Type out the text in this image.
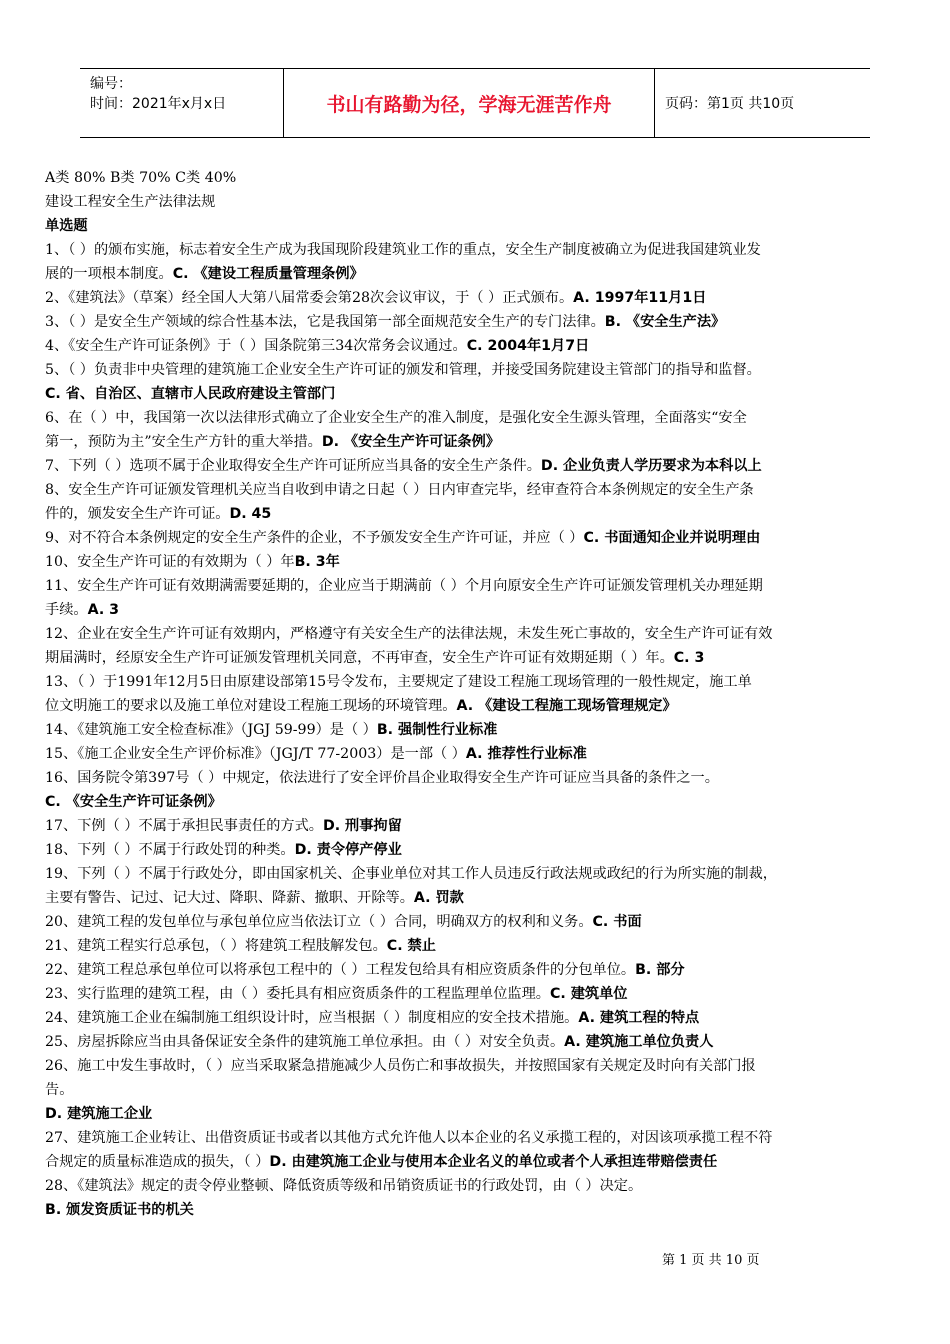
编号：
时间：2021年x月x日	书山有路勤为径，学海无涯苦作舟	页码：第1页 共10页
A类 80% B类 70% C类 40%
建设工程安全生产法律法规
单选题
1、（ ）的颁布实施，标志着安全生产成为我国现阶段建筑业工作的重点，安全生产制度被确立为促进我国建筑业发
展的一项根本制度。C. 《建设工程质量管理条例》
2、《建筑法》（草案）经全国人大第八届常委会第28次会议审议，于（ ）正式颁布。A. 1997年11月1日
3、（ ）是安全生产领域的综合性基本法，它是我国第一部全面规范安全生产的专门法律。B. 《安全生产法》
4、《安全生产许可证条例》于（ ）国条院第三34次常务会议通过。C. 2004年1月7日
5、（ ）负责非中央管理的建筑施工企业安全生产许可证的颁发和管理，并接受国务院建设主管部门的指导和监督。
C. 省、自治区、直辖市人民政府建设主管部门
6、在（ ）中，我国第一次以法律形式确立了企业安全生产的准入制度，是强化安全生源头管理，全面落实“安全
第一，预防为主”安全生产方针的重大举措。D. 《安全生产许可证条例》
7、下列（ ）选项不属于企业取得安全生产许可证所应当具备的安全生产条件。D. 企业负责人学历要求为本科以上
8、安全生产许可证颁发管理机关应当自收到申请之日起（ ）日内审查完毕，经审查符合本条例规定的安全生产条
件的，颁发安全生产许可证。D. 45
9、对不符合本条例规定的安全生产条件的企业，不予颁发安全生产许可证，并应（ ）C. 书面通知企业并说明理由
10、安全生产许可证的有效期为（ ）年B. 3年
11、安全生产许可证有效期满需要延期的，企业应当于期满前（ ）个月向原安全生产许可证颁发管理机关办理延期
手续。A. 3
12、企业在安全生产许可证有效期内，严格遵守有关安全生产的法律法规，未发生死亡事故的，安全生产许可证有效
期届满时，经原安全生产许可证颁发管理机关同意，不再审查，安全生产许可证有效期延期（ ）年。C. 3
13、（ ）于1991年12月5日由原建设部第15号令发布，主要规定了建设工程施工现场管理的一般性规定，施工单
位文明施工的要求以及施工单位对建设工程施工现场的环境管理。A. 《建设工程施工现场管理规定》
14、《建筑施工安全检查标准》（JGJ 59-99）是（ ）B. 强制性行业标准
15、《施工企业安全生产评价标准》（JGJ/T 77-2003）是一部（ ）A. 推荐性行业标准
16、国务院令第397号（ ）中规定，依法进行了安全评价昌企业取得安全生产许可证应当具备的条件之一。
C. 《安全生产许可证条例》
17、下例（ ）不属于承担民事责任的方式。D. 刑事拘留
18、下列（ ）不属于行政处罚的种类。D. 责令停产停业
19、下列（ ）不属于行政处分，即由国家机关、企事业单位对其工作人员违反行政法规或政纪的行为所实施的制裁，
主要有警告、记过、记大过、降职、降薪、撤职、开除等。A. 罚款
20、建筑工程的发包单位与承包单位应当依法订立（ ）合同，明确双方的权利和义务。C. 书面
21、建筑工程实行总承包，（ ）将建筑工程肢解发包。C. 禁止
22、建筑工程总承包单位可以将承包工程中的（ ）工程发包给具有相应资质条件的分包单位。B. 部分
23、实行监理的建筑工程，由（ ）委托具有相应资质条件的工程监理单位监理。C. 建筑单位
24、建筑施工企业在编制施工组织设计时，应当根据（ ）制度相应的安全技术措施。A. 建筑工程的特点
25、房屋拆除应当由具备保证安全条件的建筑施工单位承担。由（ ）对安全负责。A. 建筑施工单位负责人
26、施工中发生事故时，（ ）应当采取紧急措施减少人员伤亡和事故损失，并按照国家有关规定及时向有关部门报
告。
D. 建筑施工企业
27、建筑施工企业转让、出借资质证书或者以其他方式允许他人以本企业的名义承揽工程的，对因该项承揽工程不符
合规定的质量标准造成的损失，（ ）D. 由建筑施工企业与使用本企业名义的单位或者个人承担连带赔偿责任
28、《建筑法》规定的责令停业整顿、降低资质等级和吊销资质证书的行政处罚，由（ ）决定。
B. 颁发资质证书的机关
第 1 页 共 10 页
